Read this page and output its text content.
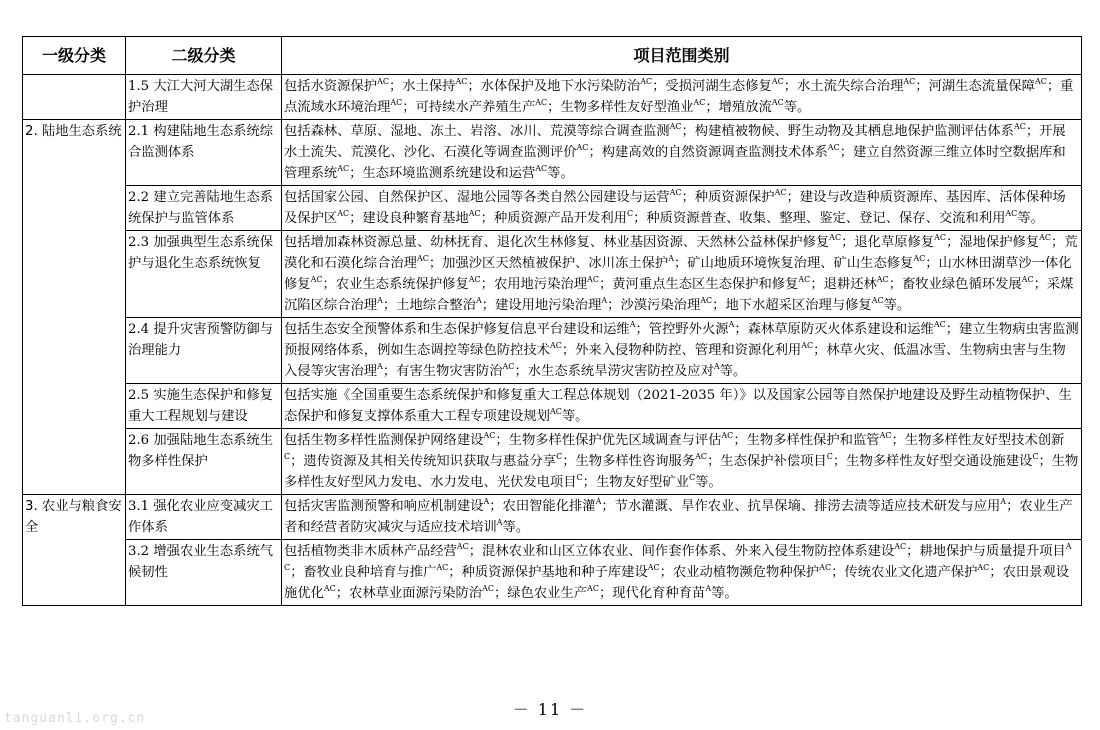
一级分类	二级分类	项目范围类别
	1.5 大江大河大湖生态保护治理	包括水资源保护$^{AC}$；水土保持$^{AC}$；水体保护及地下水污染防治$^{AC}$；受损河湖生态修复$^{AC}$；水土流失综合治理$^{AC}$；河湖生态流量保障$^{AC}$；重点流域水环境治理$^{AC}$；可持续水产养殖生产$^{AC}$；生物多样性友好型渔业$^{AC}$；增殖放流$^{AC}$等。
2. 陆地生态系统	2.1 构建陆地生态系统综合监测体系	包括森林、草原、湿地、冻土、岩溶、冰川、荒漠等综合调查监测$^{AC}$；构建植被物候、野生动物及其栖息地保护监测评估体系$^{AC}$；开展水土流失、荒漠化、沙化、石漠化等调查监测评价$^{AC}$；构建高效的自然资源调查监测技术体系$^{AC}$；建立自然资源三维立体时空数据库和管理系统$^{AC}$；生态环境监测系统建设和运营$^{AC}$等。
	2.2 建立完善陆地生态系统保护与监管体系	包括国家公园、自然保护区、湿地公园等各类自然公园建设与运营$^{AC}$；种质资源保护$^{AC}$；建设与改造种质资源库、基因库、活体保种场及保护区$^{AC}$；建设良种繁育基地$^{AC}$；种质资源产品开发利用$^C$；种质资源普查、收集、整理、鉴定、登记、保存、交流和利用$^{AC}$等。
	2.3 加强典型生态系统保护与退化生态系统恢复	包括增加森林资源总量、幼林抚育、退化次生林修复、林业基因资源、天然林公益林保护修复$^{AC}$；退化草原修复$^{AC}$；湿地保护修复$^{AC}$；荒漠化和石漠化综合治理$^{AC}$；加强沙区天然植被保护、冰川冻土保护$^A$；矿山地质环境恢复治理、矿山生态修复$^{AC}$；山水林田湖草沙一体化修复$^{AC}$；农业生态系统保护修复$^{AC}$；农用地污染治理$^{AC}$；黄河重点生态区生态保护和修复$^{AC}$；退耕还林$^{AC}$；畜牧业绿色循环发展$^{AC}$；采煤沉陷区综合治理$^A$；土地综合整治$^A$；建设用地污染治理$^A$；沙漠污染治理$^{AC}$；地下水超采区治理与修复$^{AC}$等。
	2.4 提升灾害预警防御与治理能力	包括生态安全预警体系和生态保护修复信息平台建设和运维$^A$；管控野外火源$^A$；森林草原防灭火体系建设和运维$^{AC}$；建立生物病虫害监测预报网络体系，例如生态调控等绿色防控技术$^{AC}$；外来入侵物种防控、管理和资源化利用$^{AC}$；林草火灾、低温冰雪、生物病虫害与生物入侵等灾害治理$^A$；有害生物灾害防治$^{AC}$；水生态系统旱涝灾害防控及应对$^A$等。
	2.5 实施生态保护和修复重大工程规划与建设	包括实施《全国重要生态系统保护和修复重大工程总体规划（2021-2035 年）》以及国家公园等自然保护地建设及野生动植物保护、生态保护和修复支撑体系重大工程专项建设规划$^{AC}$等。
	2.6 加强陆地生态系统生物多样性保护	包括生物多样性监测保护网络建设$^{AC}$；生物多样性保护优先区域调查与评估$^{AC}$；生物多样性保护和监管$^{AC}$；生物多样性友好型技术创新$^C$；遗传资源及其相关传统知识获取与惠益分享$^C$；生物多样性咨询服务$^{AC}$；生态保护补偿项目$^C$；生物多样性友好型交通设施建设$^C$；生物多样性友好型风力发电、水力发电、光伏发电项目$^C$；生物友好型矿业$^C$等。
3. 农业与粮食安全	3.1 强化农业应变减灾工作体系	包括灾害监测预警和响应机制建设$^A$；农田智能化排灌$^A$；节水灌溉、旱作农业、抗旱保墒、排涝去渍等适应技术研发与应用$^A$；农业生产者和经营者防灾减灾与适应技术培训$^A$等。
	3.2 增强农业生态系统气候韧性	包括植物类非木质林产品经营$^{AC}$；混林农业和山区立体农业、间作套作体系、外来入侵生物防控体系建设$^{AC}$；耕地保护与质量提升项目$^{AC}$；畜牧业良种培育与推广$^{AC}$；种质资源保护基地和种子库建设$^{AC}$；农业动植物濒危物种保护$^{AC}$；传统农业文化遗产保护$^{AC}$；农田景观设施优化$^{AC}$；农林草业面源污染防治$^{AC}$；绿色农业生产$^{AC}$；现代化育种育苗$^A$等。
－ 11 －
tanguanli.org.cn
